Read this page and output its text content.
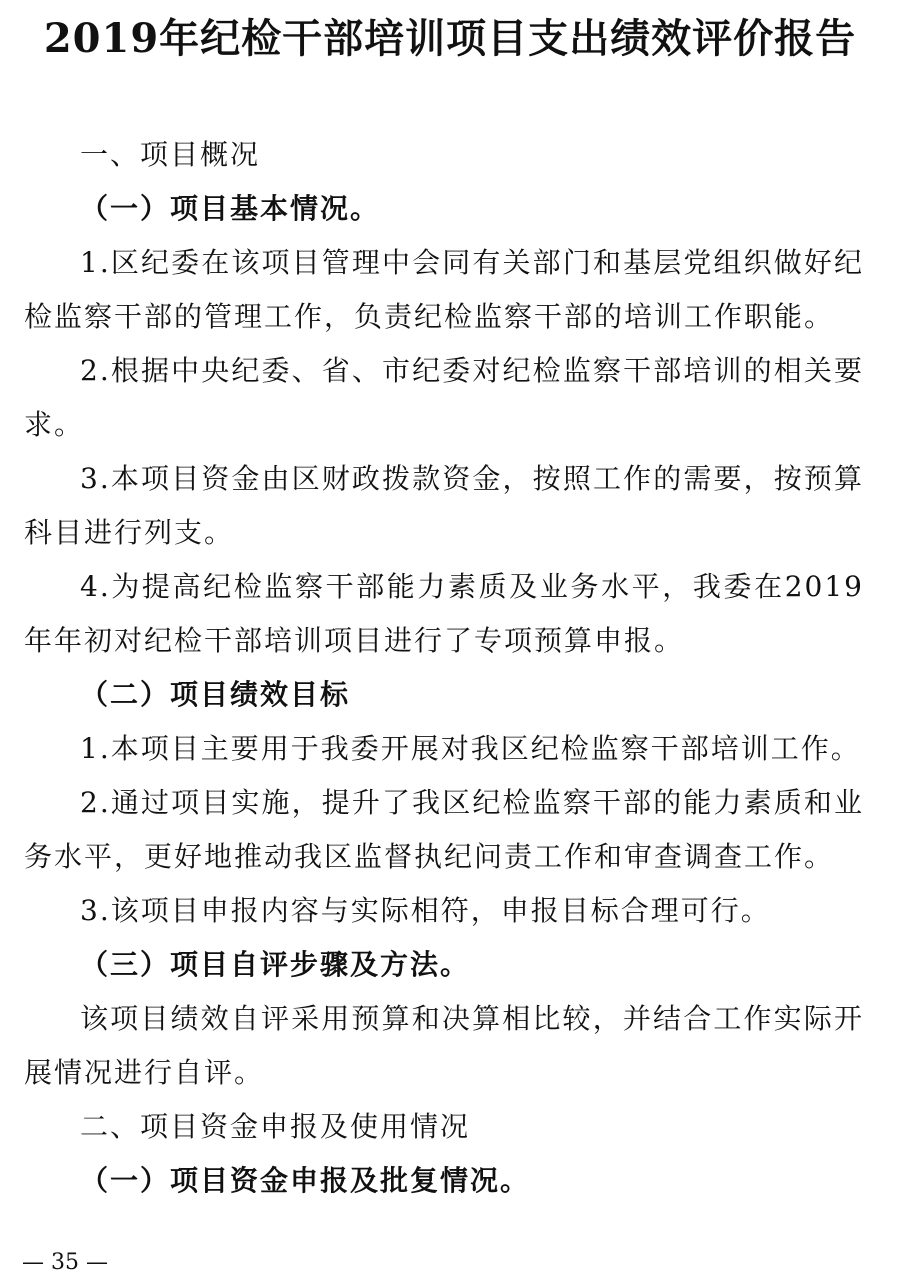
2019年纪检干部培训项目支出绩效评价报告

一、项目概况

（一）项目基本情况。

1.区纪委在该项目管理中会同有关部门和基层党组织做好纪检监察干部的管理工作，负责纪检监察干部的培训工作职能。

2.根据中央纪委、省、市纪委对纪检监察干部培训的相关要求。

3.本项目资金由区财政拨款资金，按照工作的需要，按预算科目进行列支。

4.为提高纪检监察干部能力素质及业务水平，我委在2019年年初对纪检干部培训项目进行了专项预算申报。

（二）项目绩效目标

1.本项目主要用于我委开展对我区纪检监察干部培训工作。

2.通过项目实施，提升了我区纪检监察干部的能力素质和业务水平，更好地推动我区监督执纪问责工作和审查调查工作。

3.该项目申报内容与实际相符，申报目标合理可行。

（三）项目自评步骤及方法。

该项目绩效自评采用预算和决算相比较，并结合工作实际开展情况进行自评。

二、项目资金申报及使用情况

（一）项目资金申报及批复情况。

— 35 —
